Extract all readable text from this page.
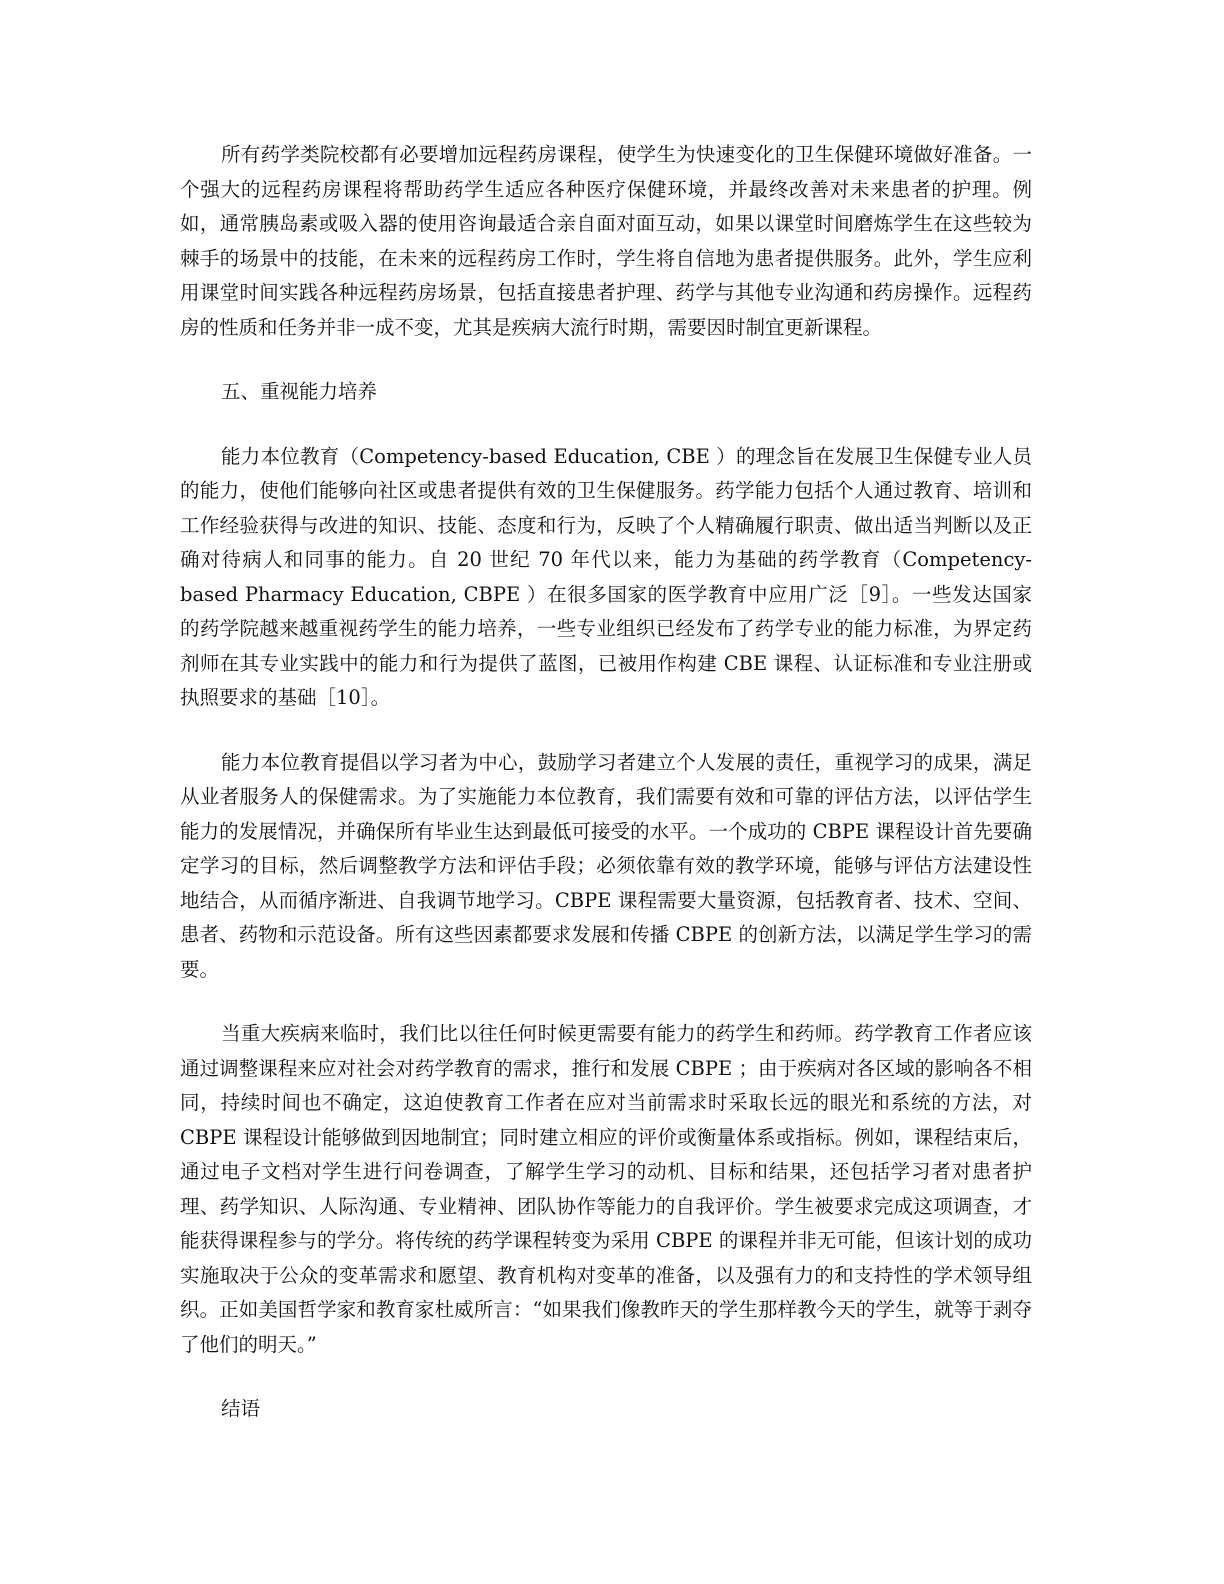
所有药学类院校都有必要增加远程药房课程，使学生为快速变化的卫生保健环境做好准备。一个强大的远程药房课程将帮助药学生适应各种医疗保健环境，并最终改善对未来患者的护理。例如，通常胰岛素或吸入器的使用咨询最适合亲自面对面互动，如果以课堂时间磨炼学生在这些较为棘手的场景中的技能，在未来的远程药房工作时，学生将自信地为患者提供服务。此外，学生应利用课堂时间实践各种远程药房场景，包括直接患者护理、药学与其他专业沟通和药房操作。远程药房的性质和任务并非一成不变，尤其是疾病大流行时期，需要因时制宜更新课程。

五、重视能力培养

能力本位教育（Competency-based Education, CBE ）的理念旨在发展卫生保健专业人员的能力，使他们能够向社区或患者提供有效的卫生保健服务。药学能力包括个人通过教育、培训和工作经验获得与改进的知识、技能、态度和行为，反映了个人精确履行职责、做出适当判断以及正确对待病人和同事的能力。自 20 世纪 70 年代以来，能力为基础的药学教育（Competency-based Pharmacy Education, CBPE ）在很多国家的医学教育中应用广泛［9］。一些发达国家的药学院越来越重视药学生的能力培养，一些专业组织已经发布了药学专业的能力标准，为界定药剂师在其专业实践中的能力和行为提供了蓝图，已被用作构建 CBE 课程、认证标准和专业注册或执照要求的基础［10］。

能力本位教育提倡以学习者为中心，鼓励学习者建立个人发展的责任，重视学习的成果，满足从业者服务人的保健需求。为了实施能力本位教育，我们需要有效和可靠的评估方法，以评估学生能力的发展情况，并确保所有毕业生达到最低可接受的水平。一个成功的 CBPE 课程设计首先要确定学习的目标，然后调整教学方法和评估手段；必须依靠有效的教学环境，能够与评估方法建设性地结合，从而循序渐进、自我调节地学习。CBPE 课程需要大量资源，包括教育者、技术、空间、患者、药物和示范设备。所有这些因素都要求发展和传播 CBPE 的创新方法，以满足学生学习的需要。

当重大疾病来临时，我们比以往任何时候更需要有能力的药学生和药师。药学教育工作者应该通过调整课程来应对社会对药学教育的需求，推行和发展 CBPE ；由于疾病对各区域的影响各不相同，持续时间也不确定，这迫使教育工作者在应对当前需求时采取长远的眼光和系统的方法，对 CBPE 课程设计能够做到因地制宜；同时建立相应的评价或衡量体系或指标。例如，课程结束后，通过电子文档对学生进行问卷调查，了解学生学习的动机、目标和结果，还包括学习者对患者护理、药学知识、人际沟通、专业精神、团队协作等能力的自我评价。学生被要求完成这项调查，才能获得课程参与的学分。将传统的药学课程转变为采用 CBPE 的课程并非无可能，但该计划的成功实施取决于公众的变革需求和愿望、教育机构对变革的准备，以及强有力的和支持性的学术领导组织。正如美国哲学家和教育家杜威所言：“如果我们像教昨天的学生那样教今天的学生，就等于剥夺了他们的明天。”

结语
